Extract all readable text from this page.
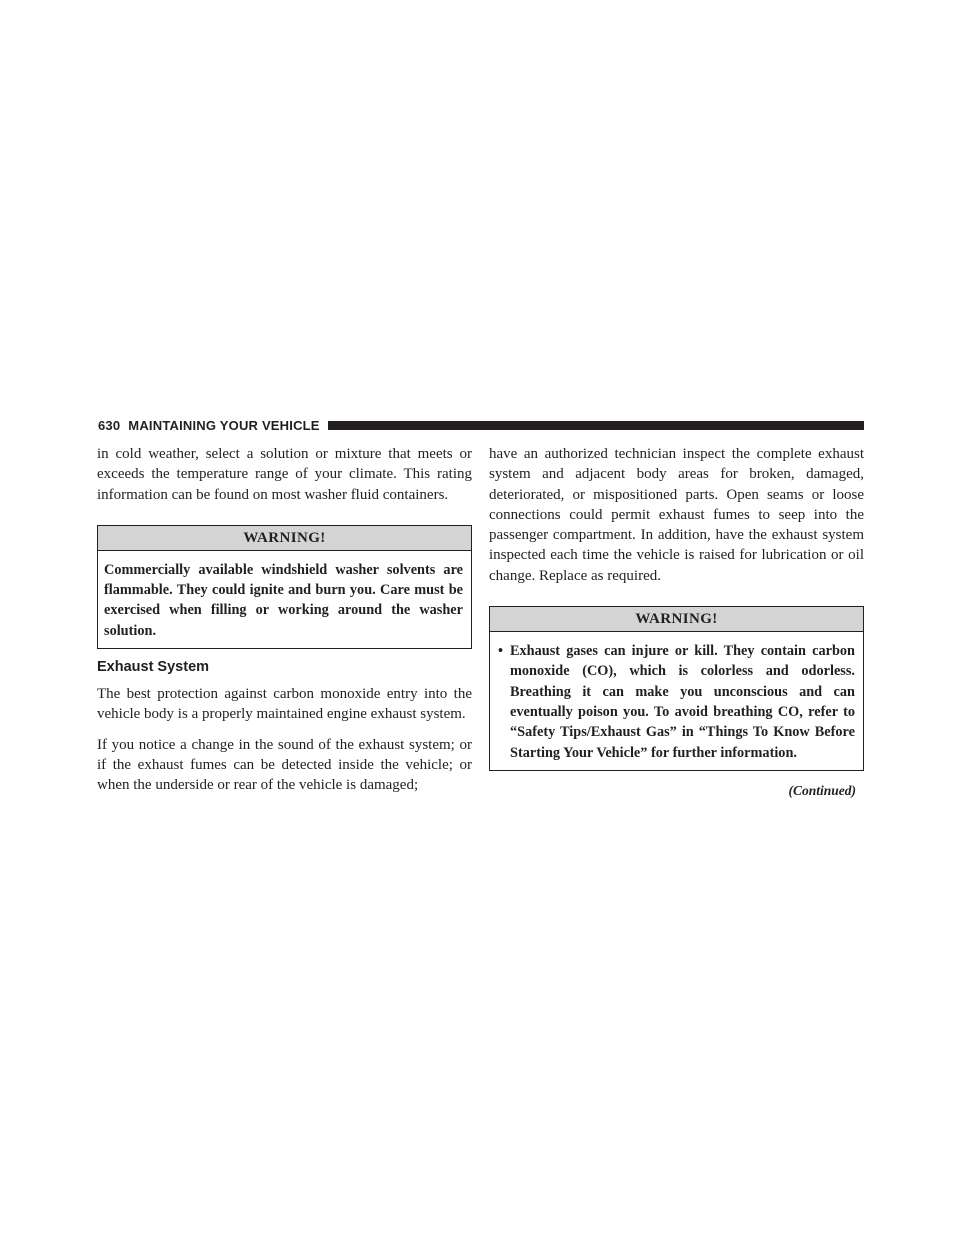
630 MAINTAINING YOUR VEHICLE

in cold weather, select a solution or mixture that meets or exceeds the temperature range of your climate. This rating information can be found on most washer fluid containers.

WARNING!
Commercially available windshield washer solvents are flammable. They could ignite and burn you. Care must be exercised when filling or working around the washer solution.
Exhaust System

The best protection against carbon monoxide entry into the vehicle body is a properly maintained engine exhaust system.

If you notice a change in the sound of the exhaust system; or if the exhaust fumes can be detected inside the vehicle; or when the underside or rear of the vehicle is damaged;

have an authorized technician inspect the complete exhaust system and adjacent body areas for broken, damaged, deteriorated, or mispositioned parts. Open seams or loose connections could permit exhaust fumes to seep into the passenger compartment. In addition, have the exhaust system inspected each time the vehicle is raised for lubrication or oil change. Replace as required.

WARNING!
• Exhaust gases can injure or kill. They contain carbon monoxide (CO), which is colorless and odorless. Breathing it can make you unconscious and can eventually poison you. To avoid breathing CO, refer to “Safety Tips/Exhaust Gas” in “Things To Know Before Starting Your Vehicle” for further information.
(Continued)
